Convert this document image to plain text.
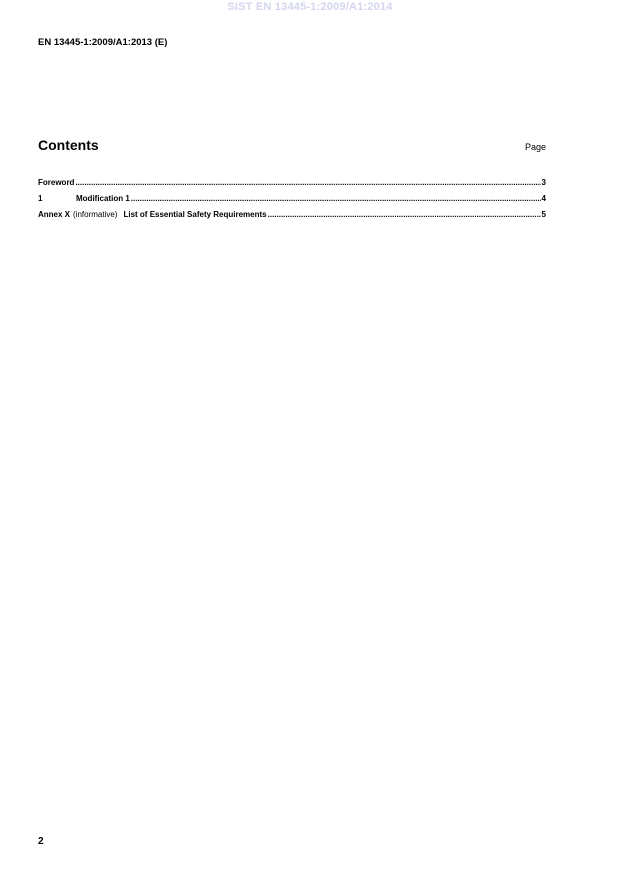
SIST EN 13445-1:2009/A1:2014
EN 13445-1:2009/A1:2013 (E)
Contents	Page
Foreword .....	3
1	Modification 1 .....	4
Annex X (informative) List of Essential Safety Requirements .....	5
2
